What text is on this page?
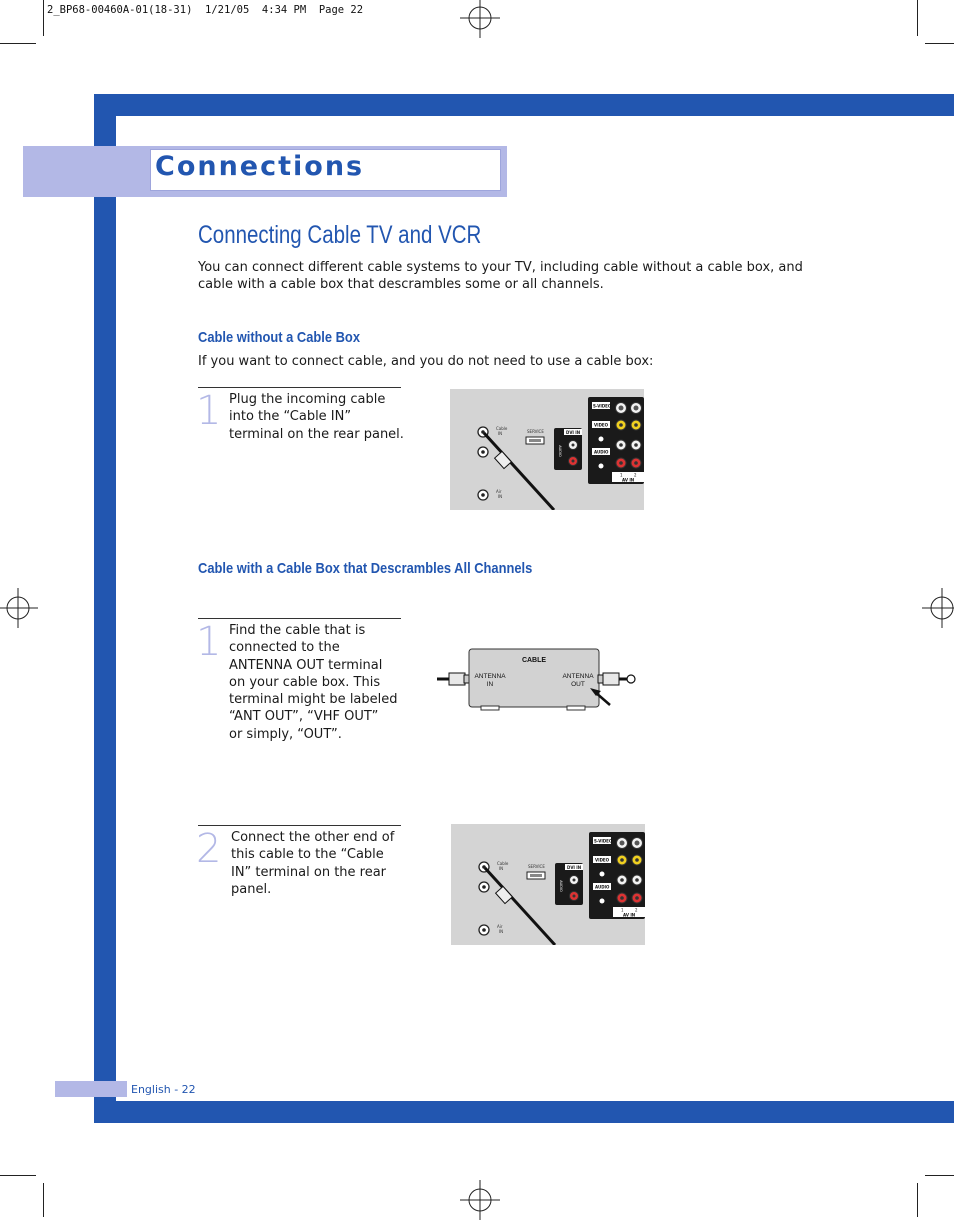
2_BP68-00460A-01(18-31)  1/21/05  4:34 PM  Page 22
Connections
Connecting Cable TV and VCR
You can connect different cable systems to your TV, including cable without a cable box, and
cable with a cable box that descrambles some or all channels.
Cable without a Cable Box
If you want to connect cable, and you do not need to use a cable box:
1 Plug the incoming cable
into the “Cable IN”
terminal on the rear panel.	Cable
IN
Air
IN
SERVICE	DVI IN
AUDIO
S-VIDEO
VIDEO
AUDIO
1	2
AV IN
Cable with a Cable Box that Descrambles All Channels
1 Find the cable that is
connected to the
ANTENNA OUT terminal
on your cable box. This
terminal might be labeled
“ANT OUT”, “VHF OUT”
or simply, “OUT”.
CABLE
ANTENNA
IN
ANTENNA
OUT
2 Connect the other end of
this cable to the “Cable
IN” terminal on the rear
panel.
Cable
IN
Air
IN
SERVICE	DVI IN
AUDIO
S-VIDEO
VIDEO
AUDIO
1	2
AV IN
English - 22
